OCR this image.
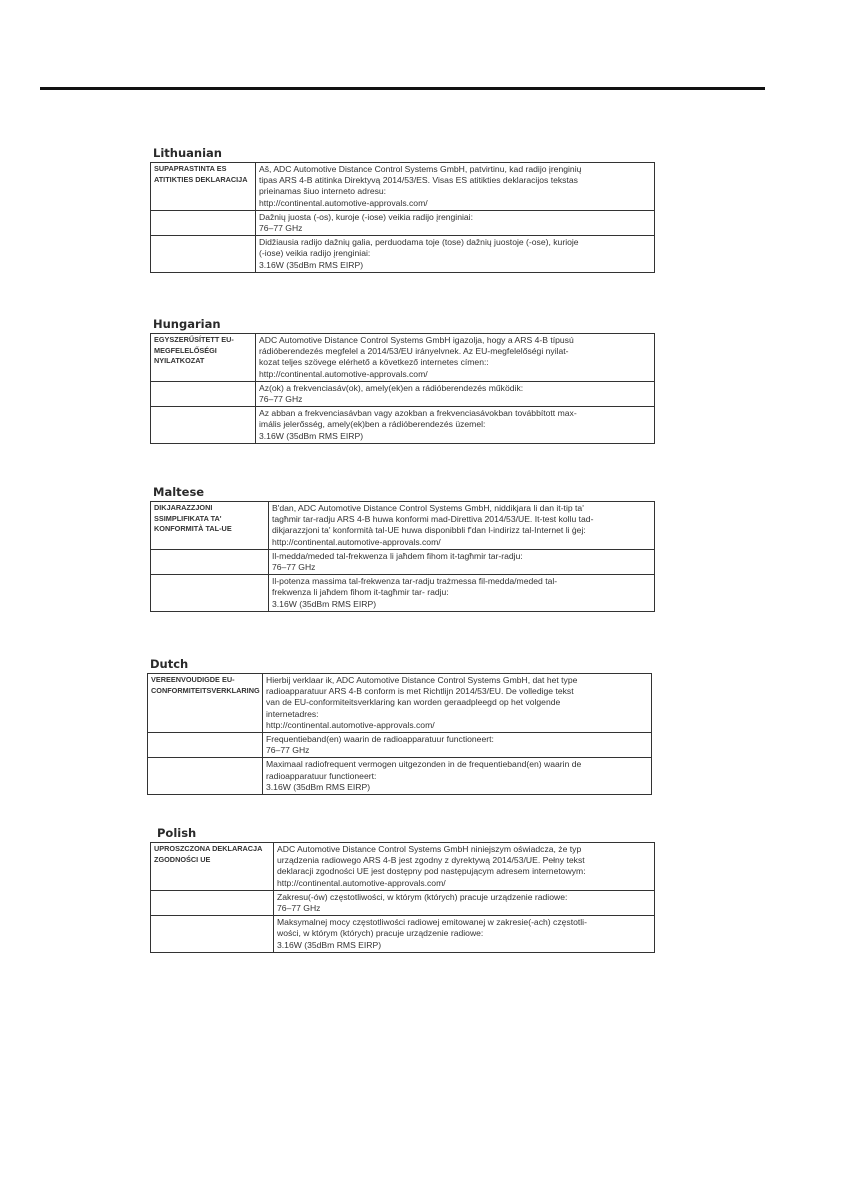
Lithuanian
SUPAPRASTINTA ES ATITIKTIES DEKLARACIJA	Aš, ADC Automotive Distance Control Systems GmbH, patvirtinu, kad radijo įrenginių
tipas ARS 4-B atitinka Direktyvą 2014/53/ES. Visas ES atitikties deklaracijos tekstas
prieinamas šiuo interneto adresu:
http://continental.automotive-approvals.com/

	Dažnių juosta (-os), kuroje (-iose) veikia radijo įrenginiai:
76–77 GHz

	Didžiausia radijo dažnių galia, perduodama toje (tose) dažnių juostoje (-ose), kurioje
(-iose) veikia radijo įrenginiai:
3.16W (35dBm RMS EIRP)
Hungarian
EGYSZERŰSÍTETT EU-MEGFELELŐSÉGI NYILATKOZAT	ADC Automotive Distance Control Systems GmbH igazolja, hogy a ARS 4-B típusú
rádióberendezés megfelel a 2014/53/EU irányelvnek. Az EU-megfelelőségi nyilat-
kozat teljes szövege elérhető a következő internetes címen::
http://continental.automotive-approvals.com/

	Az(ok) a frekvenciasáv(ok), amely(ek)en a rádióberendezés működik:
76–77 GHz

	Az abban a frekvenciasávban vagy azokban a frekvenciasávokban továbbított max-
imális jelerősség, amely(ek)ben a rádióberendezés üzemel:
3.16W (35dBm RMS EIRP)
Maltese
DIKJARAZZJONI SSIMPLIFIKATA TA' KONFORMITÀ TAL-UE	B'dan, ADC Automotive Distance Control Systems GmbH, niddikjara li dan it-tip ta'
tagħmir tar-radju ARS 4-B huwa konformi mad-Direttiva 2014/53/UE. It-test kollu tad-
dikjarazzjoni ta' konformità tal-UE huwa disponibbli f'dan l-indirizz tal-Internet li ġej:
http://continental.automotive-approvals.com/

	Il-medda/meded tal-frekwenza li jaħdem fihom it-tagħmir tar-radju:
76–77 GHz

	Il-potenza massima tal-frekwenza tar-radju trażmessa fil-medda/meded tal-
frekwenza li jaħdem fihom it-tagħmir tar- radju:
3.16W (35dBm RMS EIRP)
Dutch
VEREENVOUDIGDE EU-CONFORMITEITSVERKLARING	Hierbij verklaar ik, ADC Automotive Distance Control Systems GmbH, dat het type
radioapparatuur ARS 4-B conform is met Richtlijn 2014/53/EU. De volledige tekst
van de EU-conformiteitsverklaring kan worden geraadpleegd op het volgende
internetadres:
http://continental.automotive-approvals.com/

	Frequentieband(en) waarin de radioapparatuur functioneert:
76–77 GHz

	Maximaal radiofrequent vermogen uitgezonden in de frequentieband(en) waarin de
radioapparatuur functioneert:
3.16W (35dBm RMS EIRP)
Polish
UPROSZCZONA DEKLARACJA ZGODNOŚCI UE	ADC Automotive Distance Control Systems GmbH niniejszym oświadcza, że typ
urządzenia radiowego ARS 4-B jest zgodny z dyrektywą 2014/53/UE. Pełny tekst
deklaracji zgodności UE jest dostępny pod następującym adresem internetowym:
http://continental.automotive-approvals.com/

	Zakresu(-ów) częstotliwości, w którym (których) pracuje urządzenie radiowe:
76–77 GHz

	Maksymalnej mocy częstotliwości radiowej emitowanej w zakresie(-ach) częstotli-
wości, w którym (których) pracuje urządzenie radiowe:
3.16W (35dBm RMS EIRP)
